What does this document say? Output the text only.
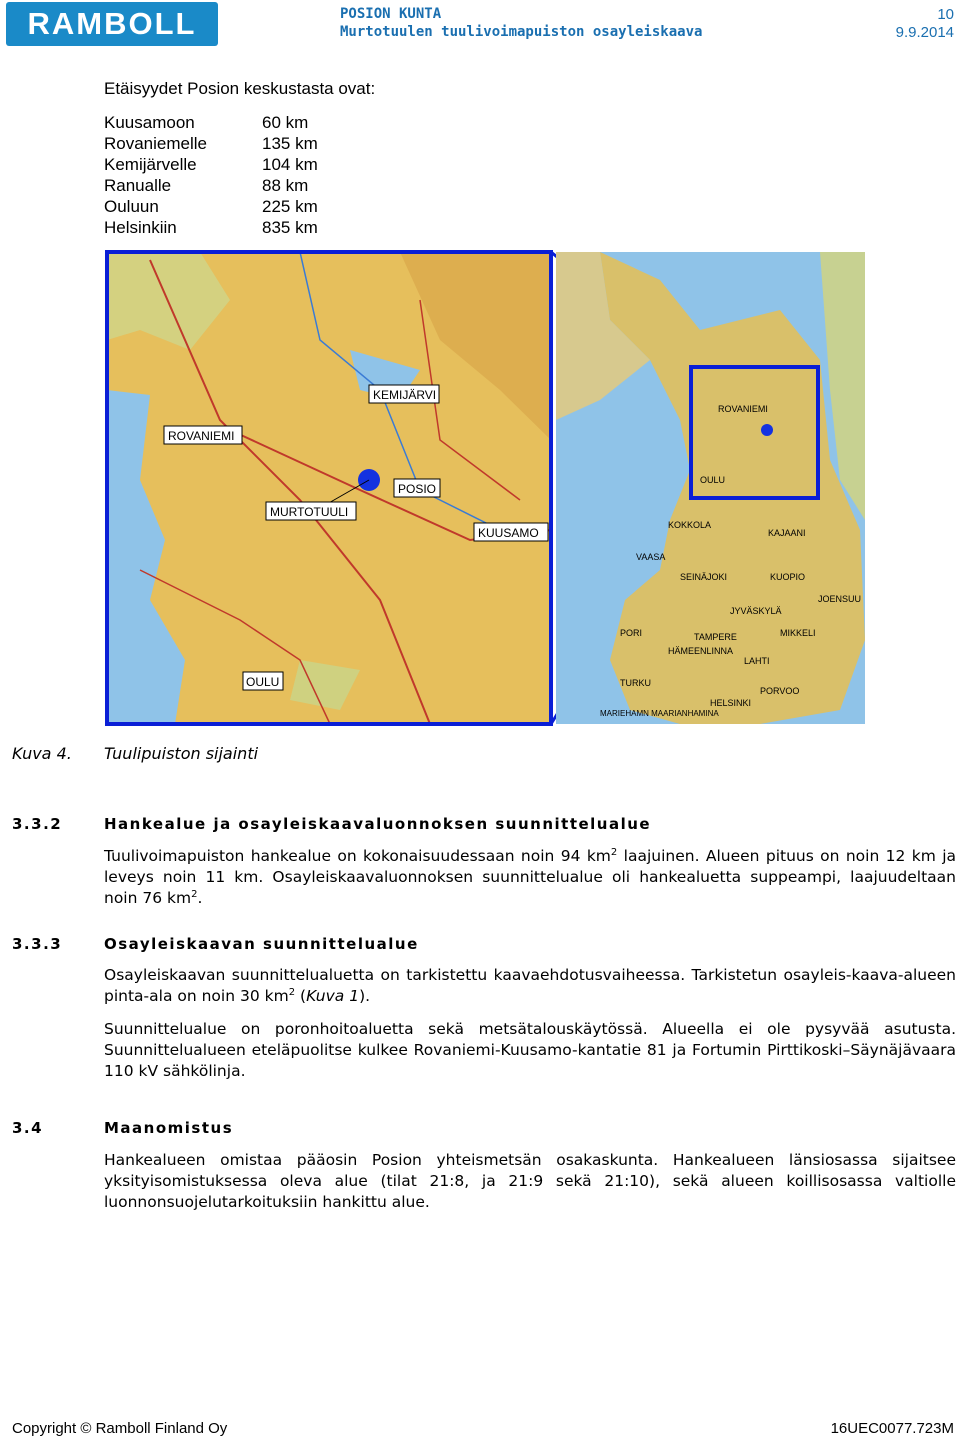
RAMBOLL	POSION KUNTA
Murtotuulen tuulivoimapuiston osayleiskaava
10
9.9.2014
Etäisyydet Posion keskustasta ovat:
Kuusamoon	60 km
Rovaniemelle	135 km
Kemijärvelle	104 km
Ranualle	88 km
Ouluun	225 km
Helsinkiin	835 km
KEMIJÄRVI
ROVANIEMI
POSIO
MURTOTUULI
KUUSAMO
OULU
ROVANIEMI
OULU
KOKKOLA
KAJAANI
VAASA
SEINÄJOKI	KUOPIO
JOENSUU
JYVÄSKYLÄ
PORI	TAMPERE	MIKKELI
HÄMEENLINNA
LAHTI
TURKU
PORVOO
HELSINKI
MARIEHAMN MAARIANHAMINA
Kuva 4. Tuulipuiston sijainti
3.3.2	Hankealue ja osayleiskaavaluonnoksen suunnittelualue
Tuulivoimapuiston hankealue on kokonaisuudessaan noin 94 $km^2$ laajuinen. Alueen pituus on noin 12 km ja leveys noin 11 km. Osayleiskaavaluonnoksen suunnittelualue oli hankealuetta suppeampi, laajuudeltaan noin 76 $km^2$.
3.3.3	Osayleiskaavan suunnittelualue
Osayleiskaavan suunnittelualuetta on tarkistettu kaavaehdotusvaiheessa. Tarkistetun osayleis-kaava-alueen pinta-ala on noin 30 $km^2$ (Kuva 1).
Suunnittelualue on poronhoitoaluetta sekä metsätalouskäytössä. Alueella ei ole pysyvää asutusta. Suunnittelualueen eteläpuolitse kulkee Rovaniemi-Kuusamo-kantatie 81 ja Fortumin Pirttikoski–Säynäjävaara 110 kV sähkölinja.
3.4	Maanomistus
Hankealueen omistaa pääosin Posion yhteismetsän osakaskunta. Hankealueen länsiosassa sijaitsee yksityisomistuksessa oleva alue (tilat 21:8, ja 21:9 sekä 21:10), sekä alueen koillisosassa valtiolle luonnonsuojelutarkoituksiin hankittu alue.
Copyright © Ramboll Finland Oy	16UEC0077.723M
